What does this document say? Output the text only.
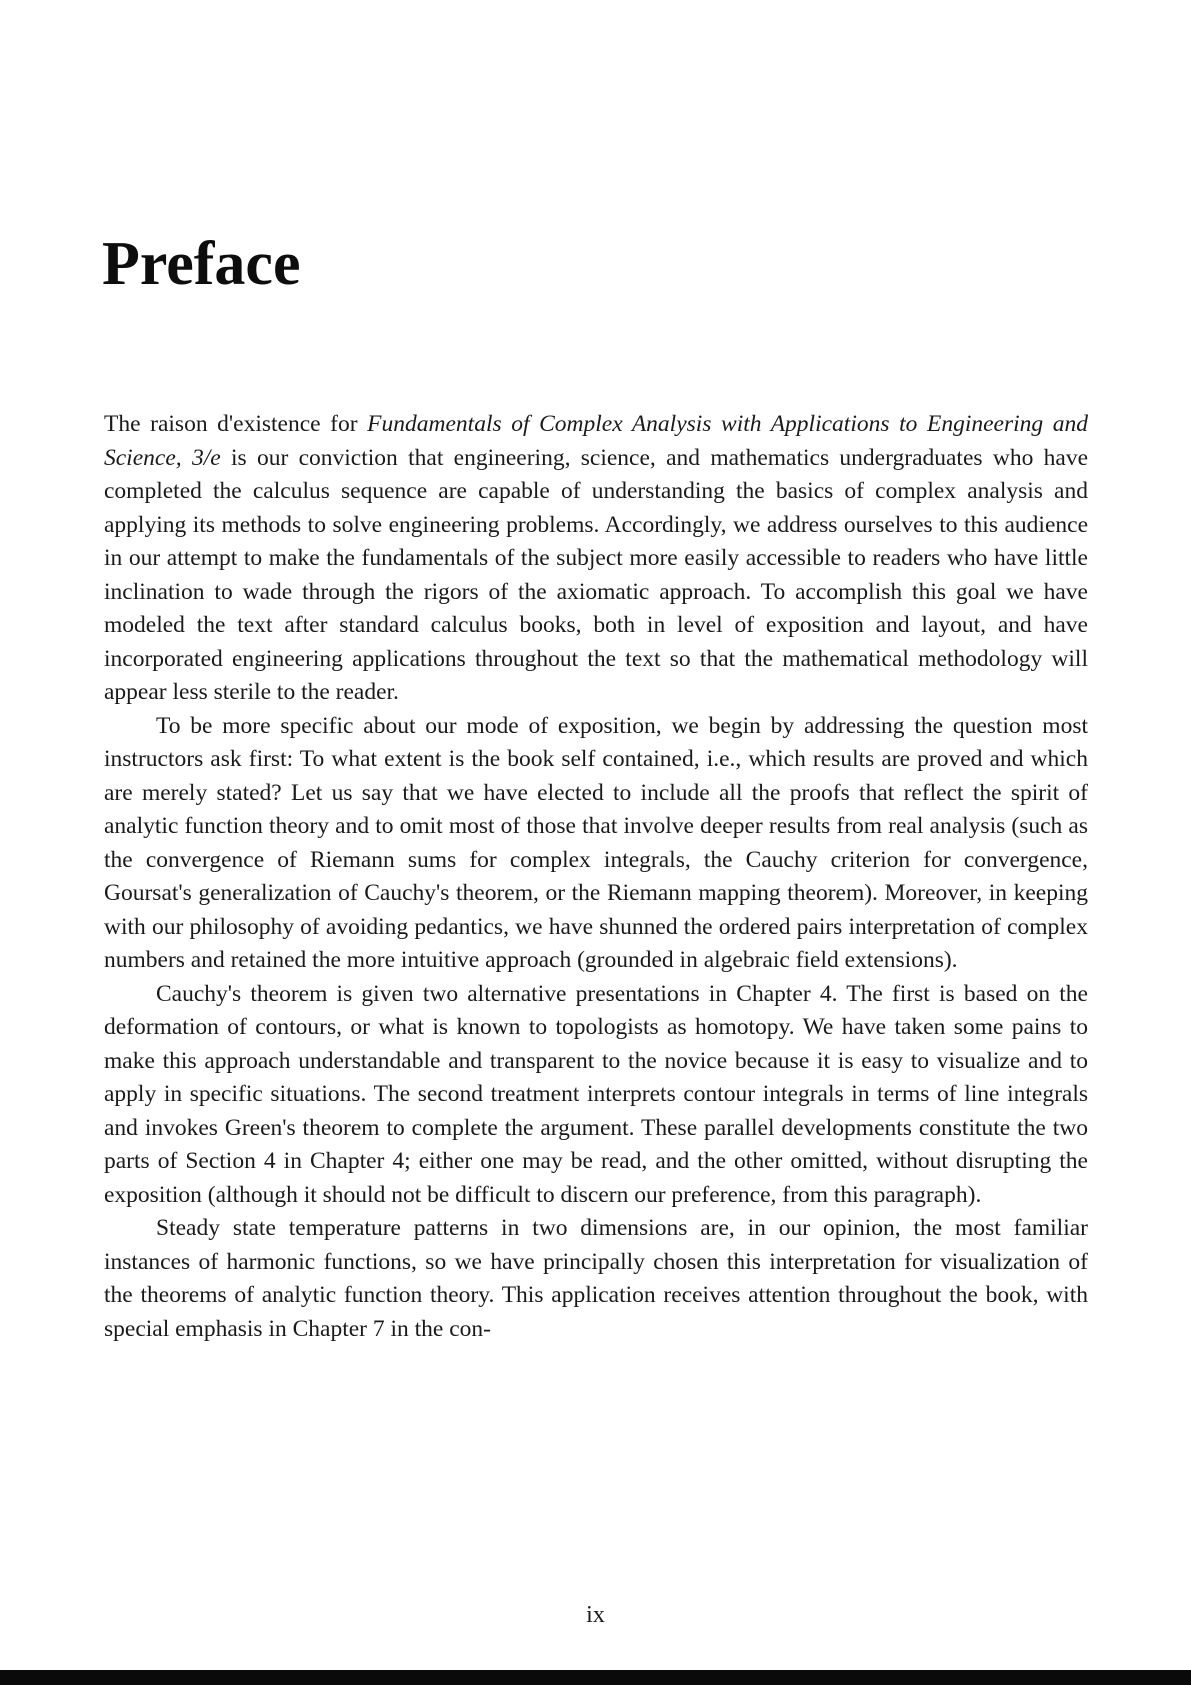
Preface

The raison d'existence for Fundamentals of Complex Analysis with Applications to Engineering and Science, 3/e is our conviction that engineering, science, and mathematics undergraduates who have completed the calculus sequence are capable of understanding the basics of complex analysis and applying its methods to solve engineering problems. Accordingly, we address ourselves to this audience in our attempt to make the fundamentals of the subject more easily accessible to readers who have little inclination to wade through the rigors of the axiomatic approach. To accomplish this goal we have modeled the text after standard calculus books, both in level of exposition and layout, and have incorporated engineering applications throughout the text so that the mathematical methodology will appear less sterile to the reader.

To be more specific about our mode of exposition, we begin by addressing the question most instructors ask first: To what extent is the book self contained, i.e., which results are proved and which are merely stated? Let us say that we have elected to include all the proofs that reflect the spirit of analytic function theory and to omit most of those that involve deeper results from real analysis (such as the convergence of Riemann sums for complex integrals, the Cauchy criterion for convergence, Goursat's generalization of Cauchy's theorem, or the Riemann mapping theorem). Moreover, in keeping with our philosophy of avoiding pedantics, we have shunned the ordered pairs interpretation of complex numbers and retained the more intuitive approach (grounded in algebraic field extensions).

Cauchy's theorem is given two alternative presentations in Chapter 4. The first is based on the deformation of contours, or what is known to topologists as homotopy. We have taken some pains to make this approach understandable and transparent to the novice because it is easy to visualize and to apply in specific situations. The second treatment interprets contour integrals in terms of line integrals and invokes Green's theorem to complete the argument. These parallel developments constitute the two parts of Section 4 in Chapter 4; either one may be read, and the other omitted, without disrupting the exposition (although it should not be difficult to discern our preference, from this paragraph).

Steady state temperature patterns in two dimensions are, in our opinion, the most familiar instances of harmonic functions, so we have principally chosen this interpretation for visualization of the theorems of analytic function theory. This application receives attention throughout the book, with special emphasis in Chapter 7 in the con-

ix
